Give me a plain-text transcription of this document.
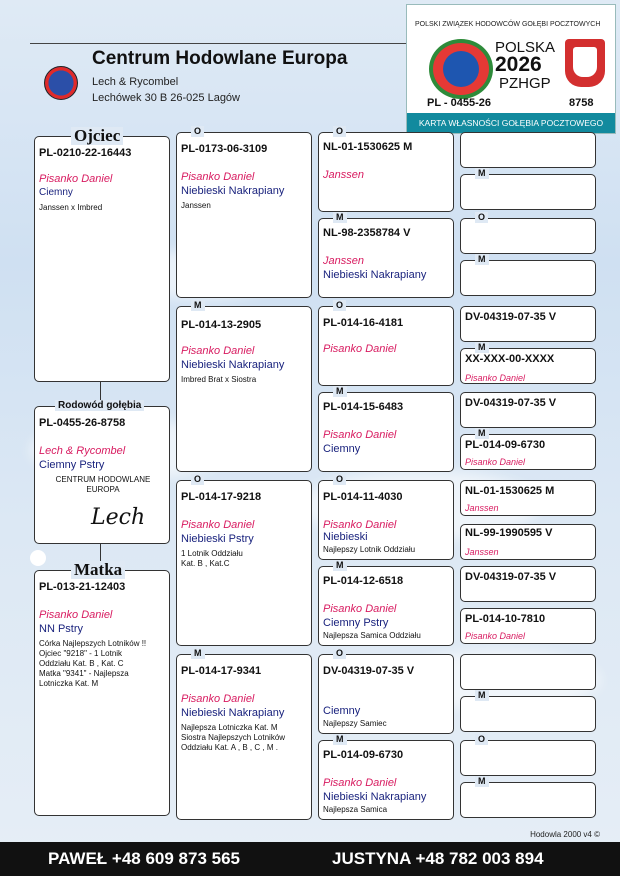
Centrum Hodowlane Europa
Lech & Rycombel
Lechówek 30 B 26-025 Lagów
POLSKI ZWIĄZEK HODOWCÓW GOŁĘBI POCZTOWYCH
POLSKA
2026
PZHGP
PL - 0455-26	8758
KARTA WŁASNOŚCI GOŁĘBIA POCZTOWEGO
Ojciec
PL-0210-22-16443
Pisanko Daniel
Ciemny
Janssen x Imbred
Rodowód gołębia
PL-0455-26-8758
Lech & Rycombel
Ciemny Pstry
CENTRUM HODOWLANE
EUROPA
Lech
Matka
PL-013-21-12403
Pisanko Daniel
NN Pstry
Córka Najlepszych Lotników !!
Ojciec "9218" - 1 Lotnik
Oddziału Kat. B , Kat. C
Matka "9341" - Najlepsza
Lotniczka Kat. M
O
PL-0173-06-3109
Pisanko Daniel
Niebieski Nakrapiany
Janssen
M
PL-014-13-2905
Pisanko Daniel
Niebieski Nakrapiany
Imbred Brat x Siostra
O
PL-014-17-9218
Pisanko Daniel
Niebieski Pstry
1 Lotnik Oddziału
Kat. B , Kat.C
M
PL-014-17-9341
Pisanko Daniel
Niebieski Nakrapiany
Najlepsza Lotniczka Kat. M
Siostra Najlepszych Lotników
Oddziału Kat. A , B , C , M .
O
NL-01-1530625 M
Janssen
M
NL-98-2358784 V
Janssen
Niebieski Nakrapiany
O
PL-014-16-4181
Pisanko Daniel
M
PL-014-15-6483
Pisanko Daniel
Ciemny
O
PL-014-11-4030
Pisanko Daniel
Niebieski
Najlepszy Lotnik Oddziału
M
PL-014-12-6518
Pisanko Daniel
Ciemny Pstry
Najlepsza Samica Oddziału
O
DV-04319-07-35 V
Ciemny
Najlepszy Samiec
M
PL-014-09-6730
Pisanko Daniel
Niebieski Nakrapiany
Najlepsza Samica
M
O
M
DV-04319-07-35 V
M
XX-XXX-00-XXXX
Pisanko Daniel
DV-04319-07-35 V
M
PL-014-09-6730
Pisanko Daniel
NL-01-1530625 M
Janssen
NL-99-1990595 V
Janssen
DV-04319-07-35 V
PL-014-10-7810
Pisanko Daniel
M
O
M
Hodowla 2000 v4 ©
PAWEŁ +48 609 873 565	JUSTYNA +48 782 003 894
